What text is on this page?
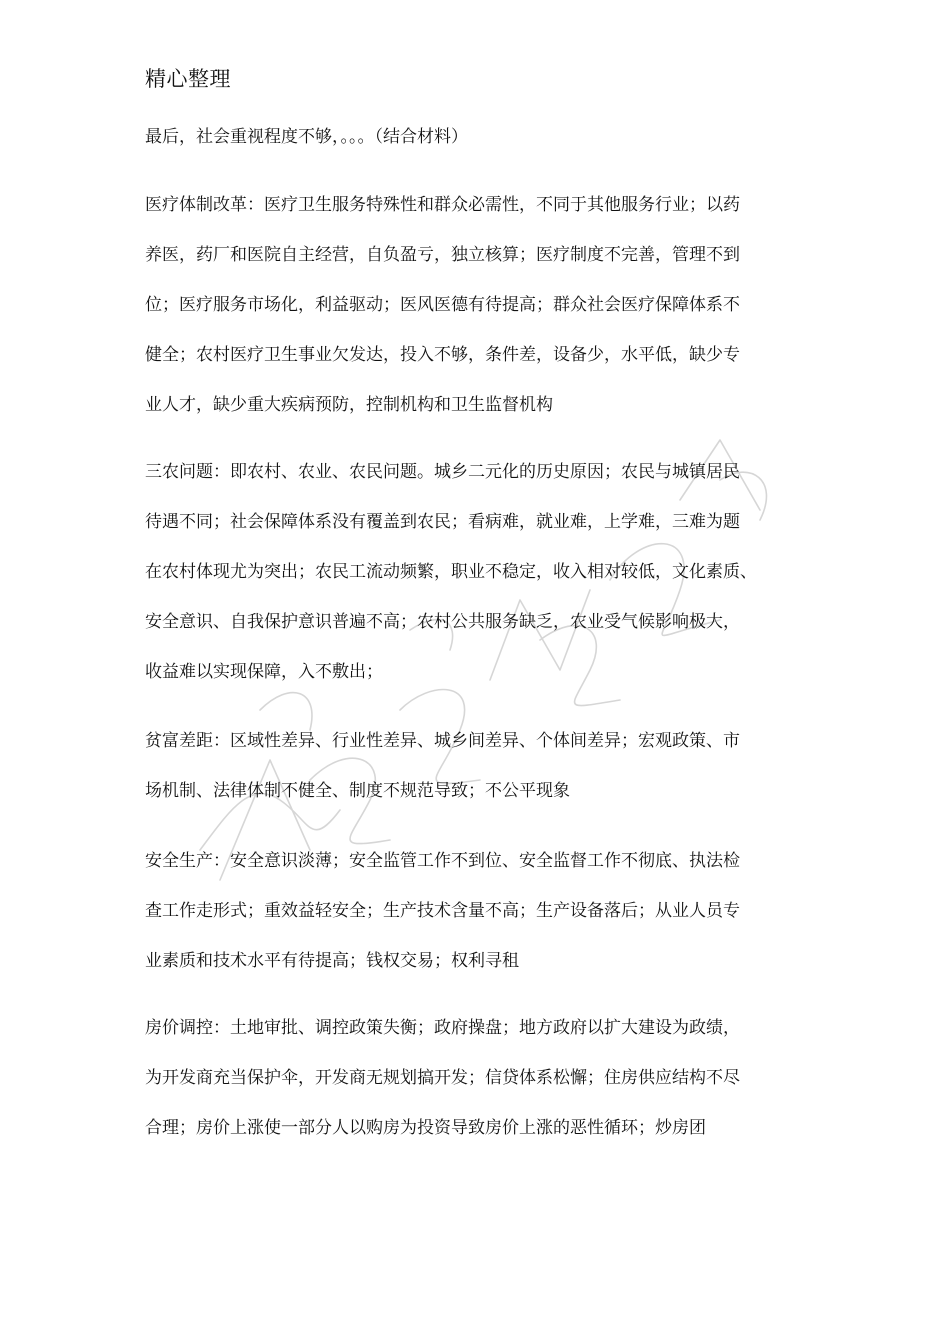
精心整理
最后，社会重视程度不够，。。。（结合材料）
医疗体制改革：医疗卫生服务特殊性和群众必需性，不同于其他服务行业；以药
养医，药厂和医院自主经营，自负盈亏，独立核算；医疗制度不完善，管理不到
位；医疗服务市场化，利益驱动；医风医德有待提高；群众社会医疗保障体系不
健全；农村医疗卫生事业欠发达，投入不够，条件差，设备少，水平低，缺少专
业人才，缺少重大疾病预防，控制机构和卫生监督机构
三农问题：即农村、农业、农民问题。城乡二元化的历史原因；农民与城镇居民
待遇不同；社会保障体系没有覆盖到农民；看病难，就业难，上学难，三难为题
在农村体现尤为突出；农民工流动频繁，职业不稳定，收入相对较低，文化素质、
安全意识、自我保护意识普遍不高；农村公共服务缺乏，农业受气候影响极大，
收益难以实现保障，入不敷出；
贫富差距：区域性差异、行业性差异、城乡间差异、个体间差异；宏观政策、市
场机制、法律体制不健全、制度不规范导致；不公平现象
安全生产：安全意识淡薄；安全监管工作不到位、安全监督工作不彻底、执法检
查工作走形式；重效益轻安全；生产技术含量不高；生产设备落后；从业人员专
业素质和技术水平有待提高；钱权交易；权利寻租
房价调控：土地审批、调控政策失衡；政府操盘；地方政府以扩大建设为政绩，
为开发商充当保护伞，开发商无规划搞开发；信贷体系松懈；住房供应结构不尽
合理；房价上涨使一部分人以购房为投资导致房价上涨的恶性循环；炒房团
